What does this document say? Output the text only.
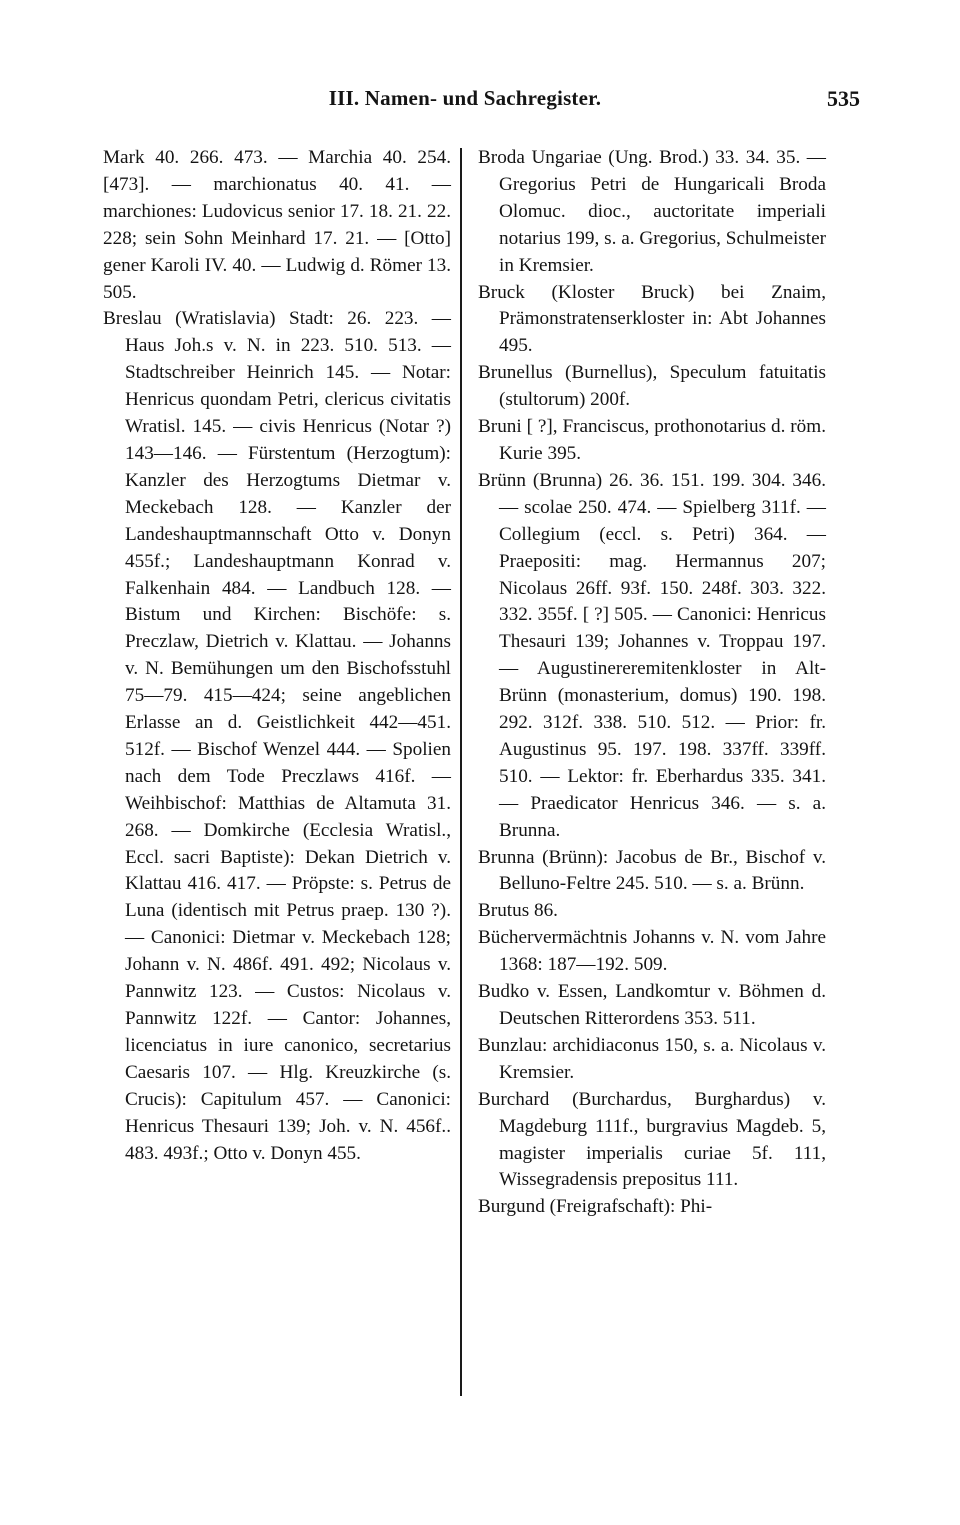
III. Namen- und Sachregister.	535

Mark 40. 266. 473. — Marchia 40. 254. [473]. — marchionatus 40. 41. — marchiones: Ludovicus senior 17. 18. 21. 22. 228; sein Sohn Meinhard 17. 21. — [Otto] gener Karoli IV. 40. — Ludwig d. Römer 13. 505.

Breslau (Wratislavia) Stadt: 26. 223. — Haus Joh.s v. N. in 223. 510. 513. — Stadtschreiber Heinrich 145. — Notar: Henricus quondam Petri, clericus civitatis Wratisl. 145. — civis Henricus (Notar ?) 143—146. — Fürstentum (Herzogtum): Kanzler des Herzogtums Dietmar v. Meckebach 128. — Kanzler der Landeshauptmannschaft Otto v. Donyn 455f.; Landeshauptmann Konrad v. Falkenhain 484. — Landbuch 128. — Bistum und Kirchen: Bischöfe: s. Preczlaw, Dietrich v. Klattau. — Johanns v. N. Bemühungen um den Bischofsstuhl 75—79. 415—424; seine angeblichen Erlasse an d. Geistlichkeit 442—451. 512f. — Bischof Wenzel 444. — Spolien nach dem Tode Preczlaws 416f. — Weihbischof: Matthias de Altamuta 31. 268. — Domkirche (Ecclesia Wratisl., Eccl. sacri Baptiste): Dekan Dietrich v. Klattau 416. 417. — Pröpste: s. Petrus de Luna (identisch mit Petrus praep. 130 ?). — Canonici: Dietmar v. Meckebach 128; Johann v. N. 486f. 491. 492; Nicolaus v. Pannwitz 123. — Custos: Nicolaus v. Pannwitz 122f. — Cantor: Johannes, licenciatus in iure canonico, secretarius Caesaris 107. — Hlg. Kreuzkirche (s. Crucis): Capitulum 457. — Canonici: Henricus Thesauri 139; Joh. v. N. 456f.. 483. 493f.; Otto v. Donyn 455.

Broda Ungariae (Ung. Brod.) 33. 34. 35. — Gregorius Petri de Hungaricali Broda Olomuc. dioc., auctoritate imperiali notarius 199, s. a. Gregorius, Schulmeister in Kremsier.

Bruck (Kloster Bruck) bei Znaim, Prämonstratenserkloster in: Abt Johannes 495.

Brunellus (Burnellus), Speculum fatuitatis (stultorum) 200f.

Bruni [ ?], Franciscus, prothonotarius d. röm. Kurie 395.

Brünn (Brunna) 26. 36. 151. 199. 304. 346. — scolae 250. 474. — Spielberg 311f. — Collegium (eccl. s. Petri) 364. — Praepositi: mag. Hermannus 207; Nicolaus 26ff. 93f. 150. 248f. 303. 322. 332. 355f. [ ?] 505. — Canonici: Henricus Thesauri 139; Johannes v. Troppau 197. — Augustinereremitenkloster in Alt-Brünn (monasterium, domus) 190. 198. 292. 312f. 338. 510. 512. — Prior: fr. Augustinus 95. 197. 198. 337ff. 339ff. 510. — Lektor: fr. Eberhardus 335. 341. — Praedicator Henricus 346. — s. a. Brunna.

Brunna (Brünn): Jacobus de Br., Bischof v. Belluno-Feltre 245. 510. — s. a. Brünn.

Brutus 86.

Büchervermächtnis Johanns v. N. vom Jahre 1368: 187—192. 509.

Budko v. Essen, Landkomtur v. Böhmen d. Deutschen Ritterordens 353. 511.

Bunzlau: archidiaconus 150, s. a. Nicolaus v. Kremsier.

Burchard (Burchardus, Burghardus) v. Magdeburg 111f., burgravius Magdeb. 5, magister imperialis curiae 5f. 111, Wissegradensis prepositus 111.

Burgund (Freigrafschaft): Phi-
